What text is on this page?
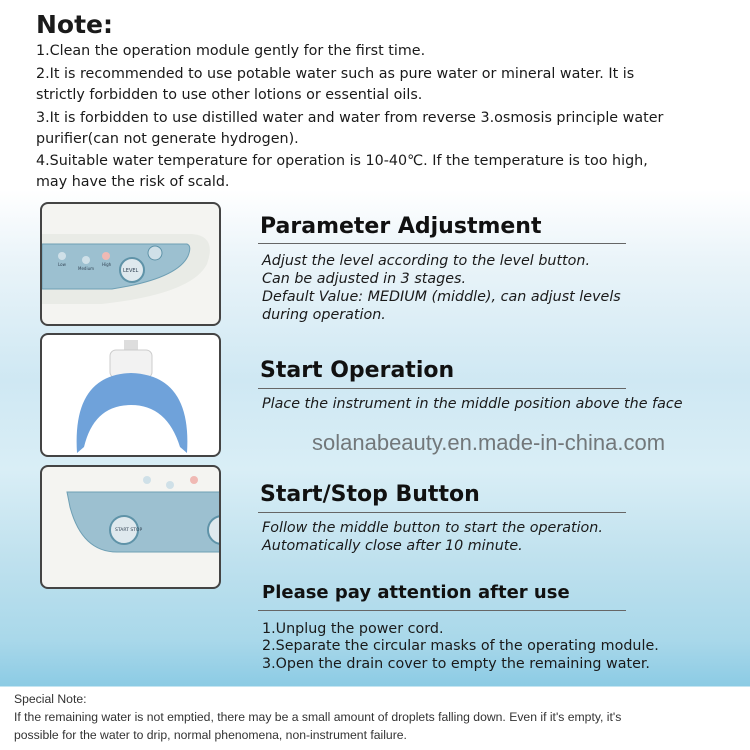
Note:
1.Clean the operation module gently for the first time.
2.It is recommended to use potable water such as pure water or mineral water. It is
strictly forbidden to use other lotions or essential oils.
3.It is forbidden to use distilled water and water from reverse 3.osmosis principle water
purifier(can not generate hydrogen).
4.Suitable water temperature for operation is 10-40℃. If the temperature is too high,
may have the risk of scald.
Low
Medium
High
LEVEL
START STOP
Parameter Adjustment
Adjust the level according to the level button.
Can be adjusted in 3 stages.
Default Value: MEDIUM (middle), can adjust levels
during operation.
Start Operation
Place the instrument in the middle position above the face
solanabeauty.en.made-in-china.com
Start/Stop Button
Follow the middle button to start the operation.
Automatically close after 10 minute.
Please pay attention after use
1.Unplug the power cord.
2.Separate the circular masks of the operating module.
3.Open the drain cover to empty the remaining water.
Special Note:
If the remaining water is not emptied, there may be a small amount of droplets falling down. Even if it's empty, it's
possible for the water to drip, normal phenomena, non-instrument failure.
